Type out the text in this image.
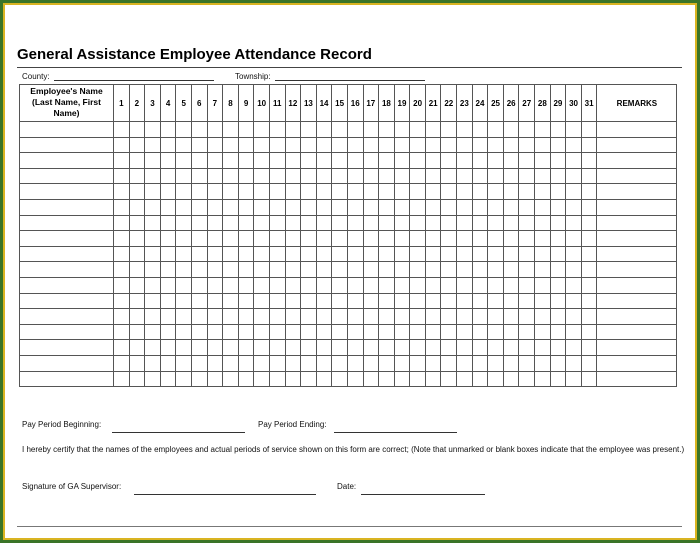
General Assistance Employee Attendance Record
County:	Township:
Employee's Name (Last Name, First Name)	1	2	3	4	5	6	7	8	9	10	11	12	13	14	15	16	17	18	19	20	21	22	23	24	25	26	27	28	29	30	31	REMARKS

Pay Period Beginning:	Pay Period Ending:
I hereby certify that the names of the employees and actual periods of service shown on this form are correct; (Note that unmarked or blank boxes indicate that the employee was present.)
Signature of GA Supervisor:	Date:
